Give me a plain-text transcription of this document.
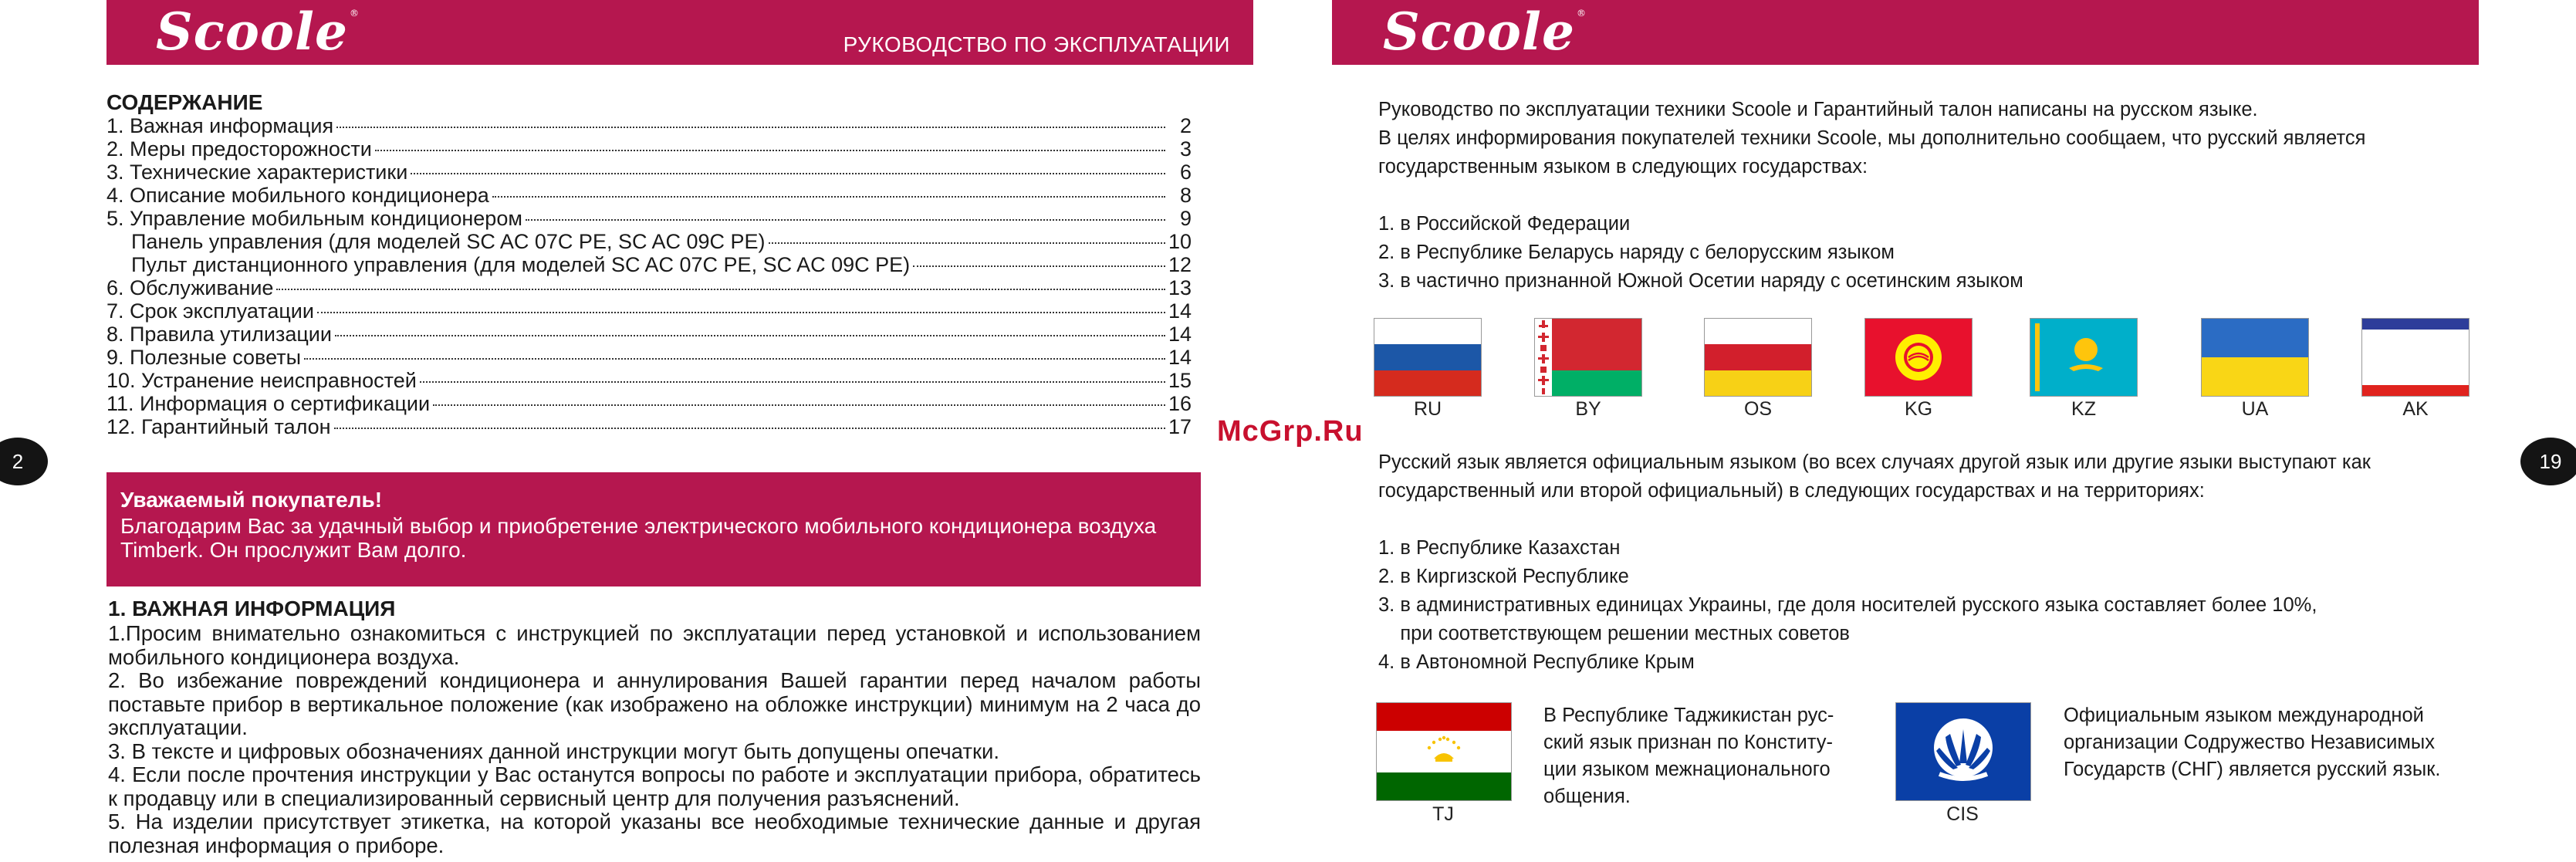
Scoole ®
РУКОВОДСТВО ПО ЭКСПЛУАТАЦИИ
2
СОДЕРЖАНИЕ
1. Важная информация	2
2. Меры предосторожности	3
3. Технические характеристики	6
4. Описание мобильного кондиционера	8
5. Управление мобильным кондиционером	9
Панель управления (для моделей SC AC 07C PE, SC AC 09C PE)	10
Пульт дистанционного управления (для моделей SC AC 07C PE, SC AC 09C PE)	12
6. Обслуживание	13
7. Срок эксплуатации	14
8. Правила утилизации	14
9. Полезные советы	14
10. Устранение неисправностей	15
11. Информация о сертификации	16
12. Гарантийный талон	17
Уважаемый покупатель!
Благодарим Вас за удачный выбор и приобретение электрического мобильного кондиционера воздуха Timberk. Он прослужит Вам долго.
1. ВАЖНАЯ ИНФОРМАЦИЯ

1.Просим внимательно ознакомиться с инструкцией по эксплуатации перед установкой и использованием мобильного кондиционера воздуха.

2. Во избежание повреждений кондиционера и аннулирования Вашей гарантии перед началом работы поставьте прибор в вертикальное положение (как изображено на обложке инструкции) минимум на 2 часа до эксплуатации.

3. В тексте и цифровых обозначениях данной инструкции могут быть допущены опечатки.

4. Если после прочтения инструкции у Вас останутся вопросы по работе и эксплуатации прибора, обратитесь к продавцу или в специализированный сервисный центр для получения разъяснений.

5. На изделии присутствует этикетка, на которой указаны все необходимые технические данные и другая полезная информация о приборе.

McGrp.Ru
Scoole ®
19

Руководство по эксплуатации техники Scoole и Гарантийный талон написаны на русском языке.

В целях информирования покупателей техники Scoole, мы дополнительно сообщаем, что русский является

государственным языком в следующих государствах:

1. в Российской Федерации

2. в Республике Беларусь наряду с белорусским языком

3. в частично признанной Южной Осетии наряду с осетинским языком

RU	BY	OS	KG	KZ	UA	AK

Русский язык является официальным языком (во всех случаях другой язык или другие языки выступают как

государственный или второй официальный) в следующих государствах и на территориях:

1. в Республике Казахстан

2. в Киргизской Республике

3. в административных единицах Украины, где доля носителей русского языка составляет более 10%,

при соответствующем решении местных советов

4. в Автономной Республике Крым

TJ
В Республике Таджикистан рус-
ский язык признан по Конститу-
ции языком межнационального
общения.
CIS
Официальным языком международной
организации Содружество Независимых
Государств (СНГ) является русский язык.
